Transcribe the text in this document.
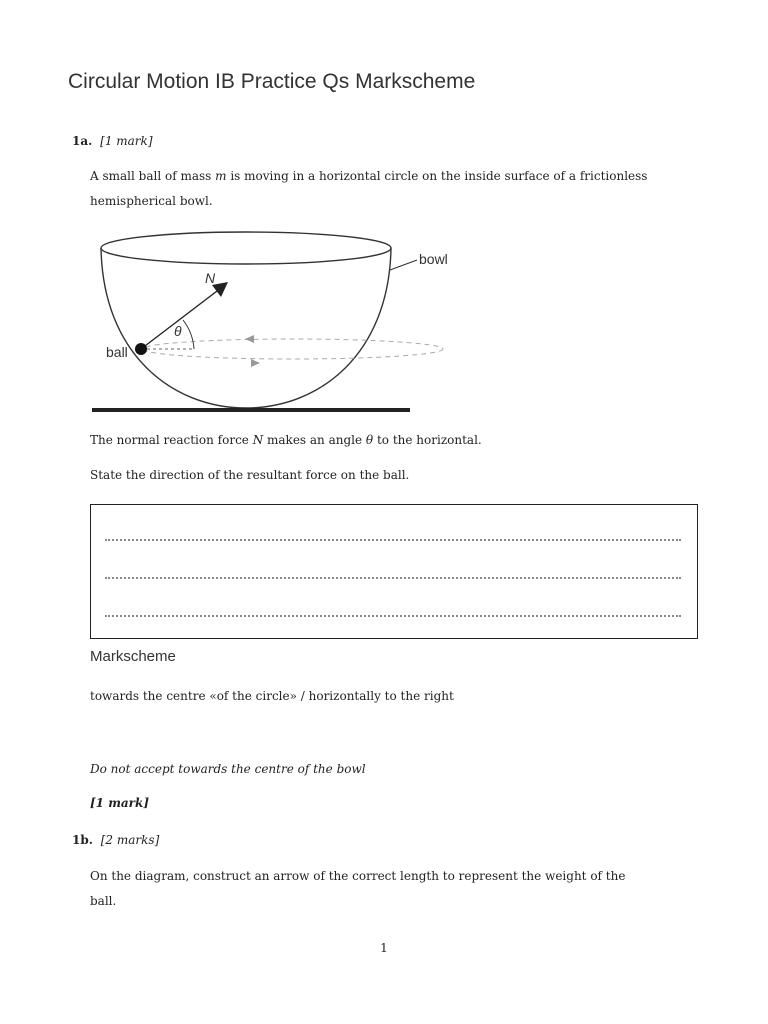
Circular Motion IB Practice Qs Markscheme
1a. [1 mark]
A small ball of mass m is moving in a horizontal circle on the inside surface of a frictionless hemispherical bowl.
bowl
θ
N
ball
The normal reaction force N makes an angle θ to the horizontal.
State the direction of the resultant force on the ball.
Markscheme
towards the centre «of the circle» / horizontally to the right
Do not accept towards the centre of the bowl
[1 mark]
1b. [2 marks]
On the diagram, construct an arrow of the correct length to represent the weight of the ball.
1
